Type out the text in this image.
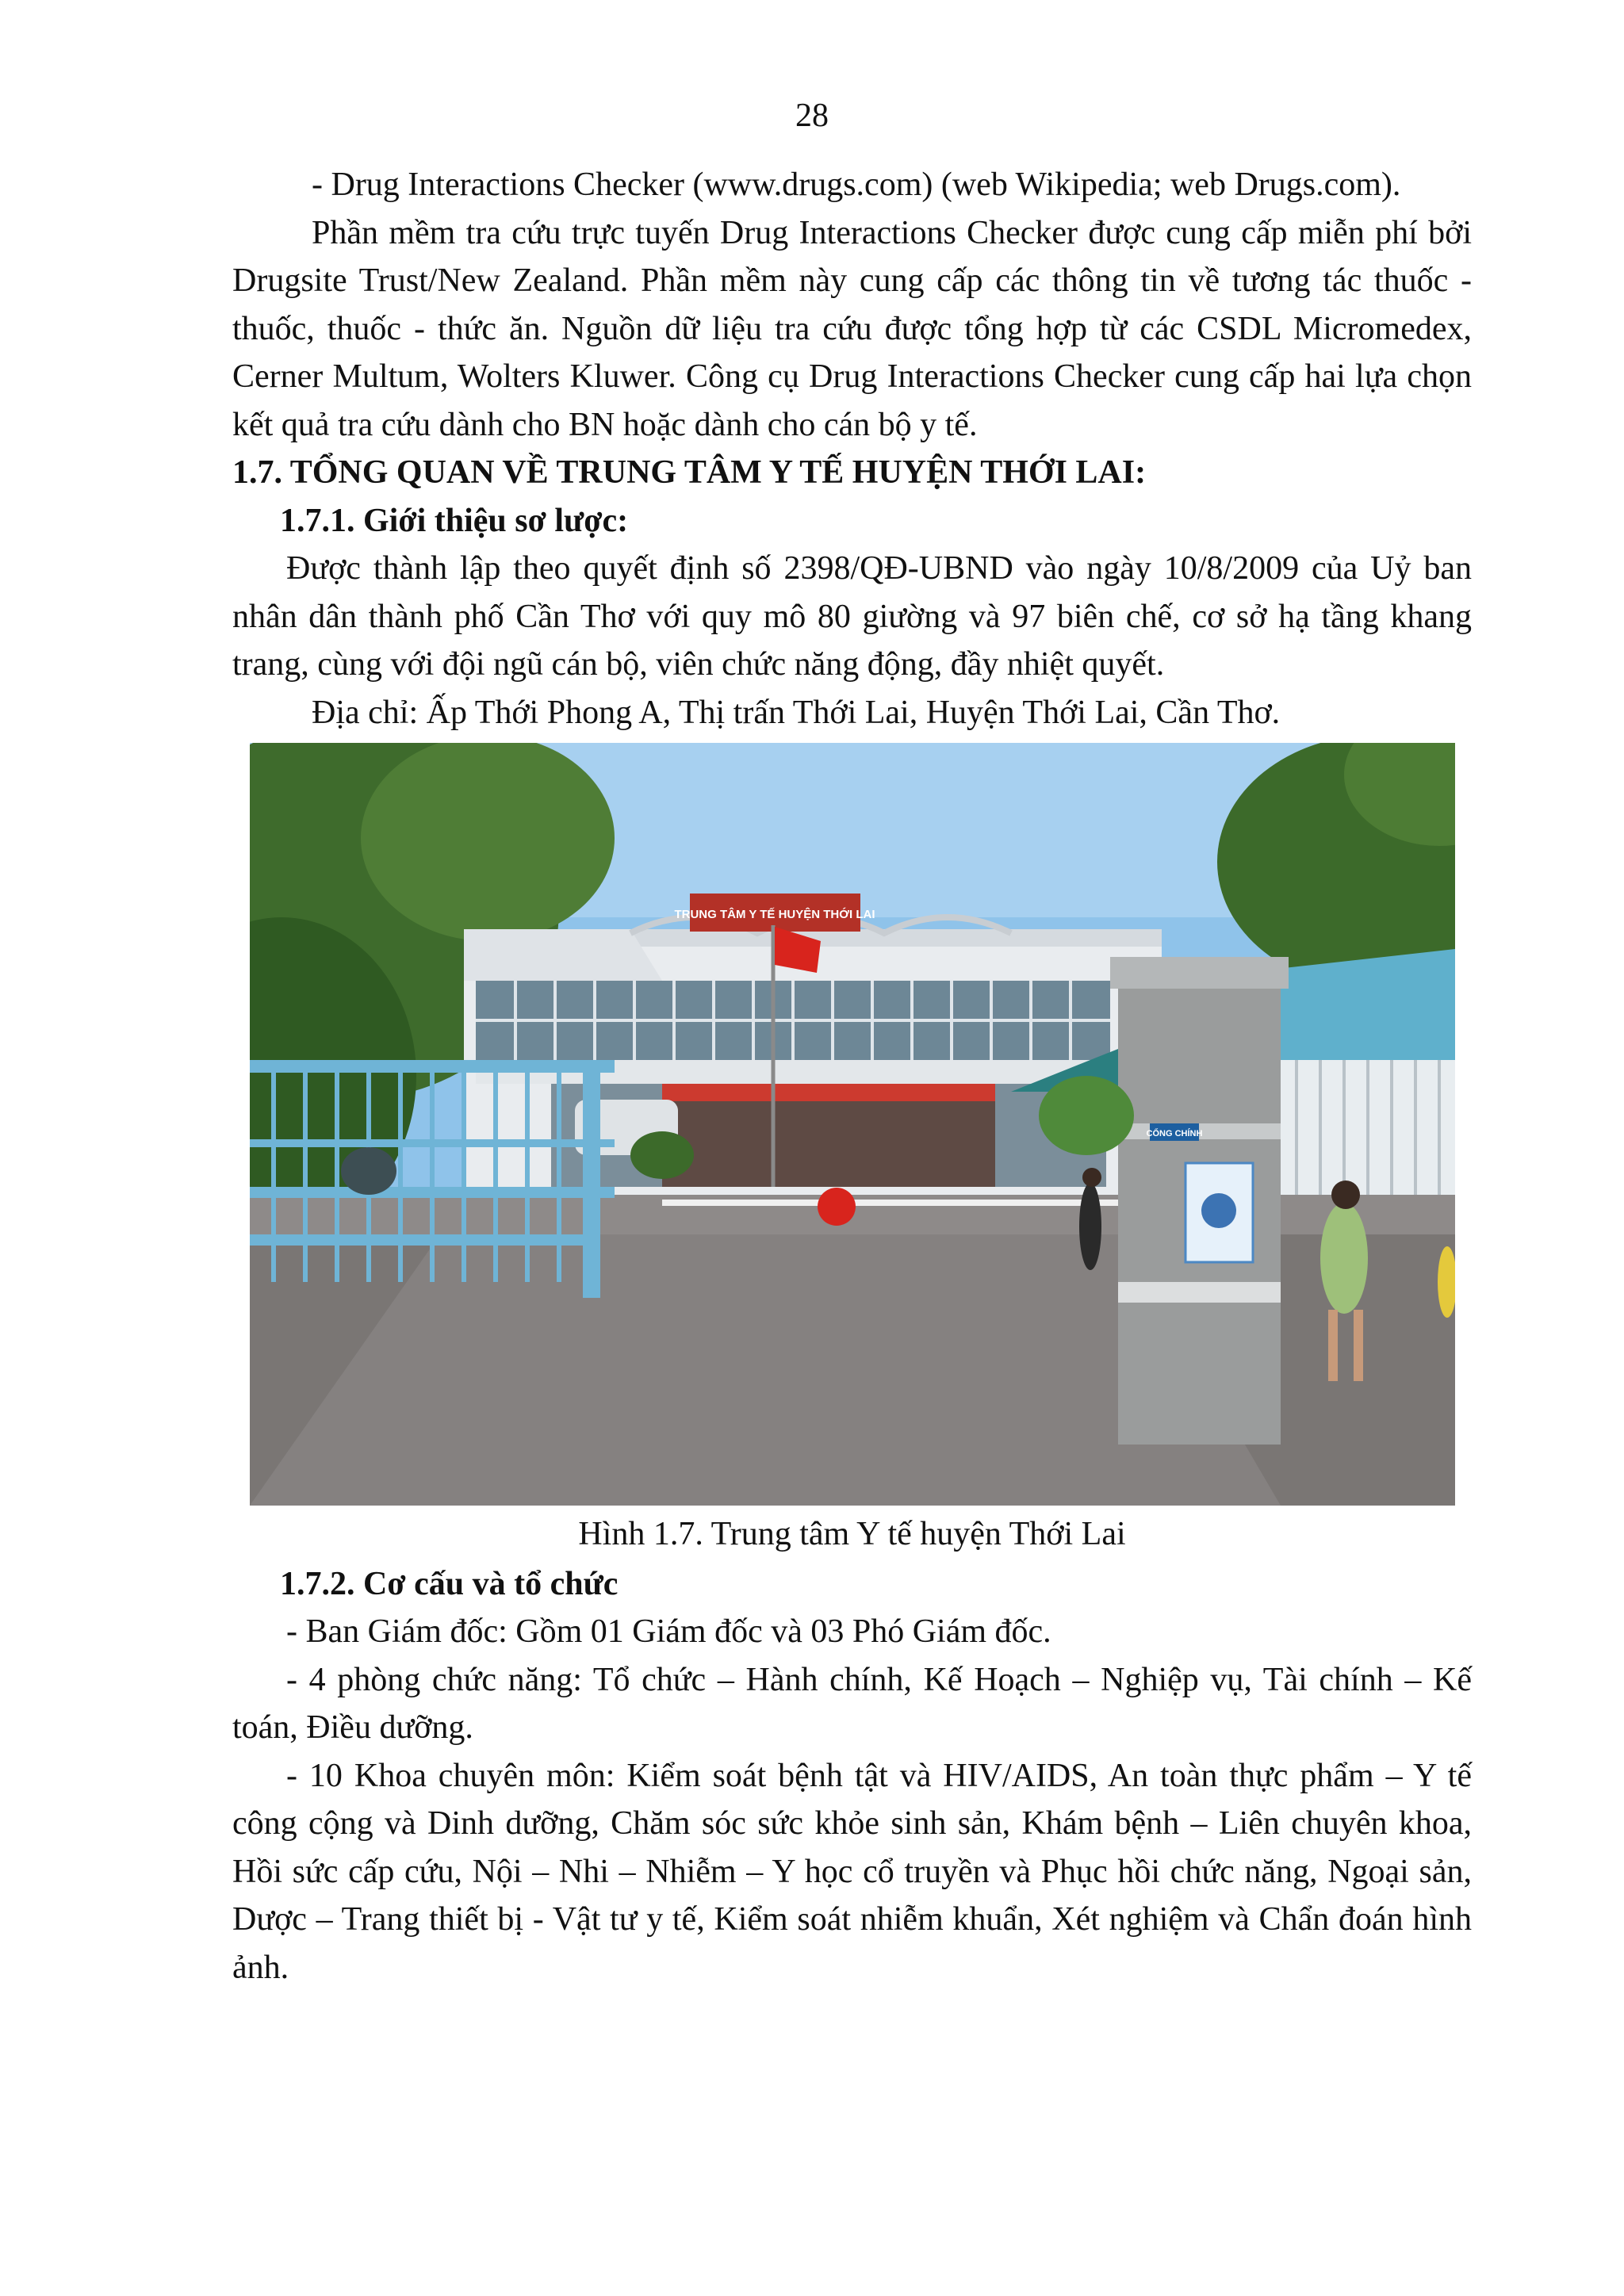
28

- Drug Interactions Checker (www.drugs.com) (web Wikipedia; web Drugs.com).

Phần mềm tra cứu trực tuyến Drug Interactions Checker được cung cấp miễn phí bởi Drugsite Trust/New Zealand. Phần mềm này cung cấp các thông tin về tương tác thuốc - thuốc, thuốc - thức ăn. Nguồn dữ liệu tra cứu được tổng hợp từ các CSDL Micromedex, Cerner Multum, Wolters Kluwer. Công cụ Drug Interactions Checker cung cấp hai lựa chọn kết quả tra cứu dành cho BN hoặc dành cho cán bộ y tế.

1.7. TỔNG QUAN VỀ TRUNG TÂM Y TẾ HUYỆN THỚI LAI:

1.7.1. Giới thiệu sơ lược:

Được thành lập theo quyết định số 2398/QĐ-UBND vào ngày 10/8/2009 của Uỷ ban nhân dân thành phố Cần Thơ với quy mô 80 giường và 97 biên chế, cơ sở hạ tầng khang trang, cùng với đội ngũ cán bộ, viên chức năng động, đầy nhiệt quyết.

Địa chỉ: Ấp Thới Phong A, Thị trấn Thới Lai, Huyện Thới Lai, Cần Thơ.

TRUNG TÂM Y TẾ HUYỆN THỚI LAI
CỔNG CHÍNH

Hình 1.7. Trung tâm Y tế huyện Thới Lai

1.7.2. Cơ cấu và tổ chức

- Ban Giám đốc: Gồm 01 Giám đốc và 03 Phó Giám đốc.

- 4 phòng chức năng: Tổ chức – Hành chính, Kế Hoạch – Nghiệp vụ, Tài chính – Kế toán, Điều dưỡng.

- 10 Khoa chuyên môn: Kiểm soát bệnh tật và HIV/AIDS, An toàn thực phẩm – Y tế công cộng và Dinh dưỡng, Chăm sóc sức khỏe sinh sản, Khám bệnh – Liên chuyên khoa, Hồi sức cấp cứu, Nội – Nhi – Nhiễm – Y học cổ truyền và Phục hồi chức năng, Ngoại sản, Dược – Trang thiết bị - Vật tư y tế, Kiểm soát nhiễm khuẩn, Xét nghiệm và Chẩn đoán hình ảnh.
